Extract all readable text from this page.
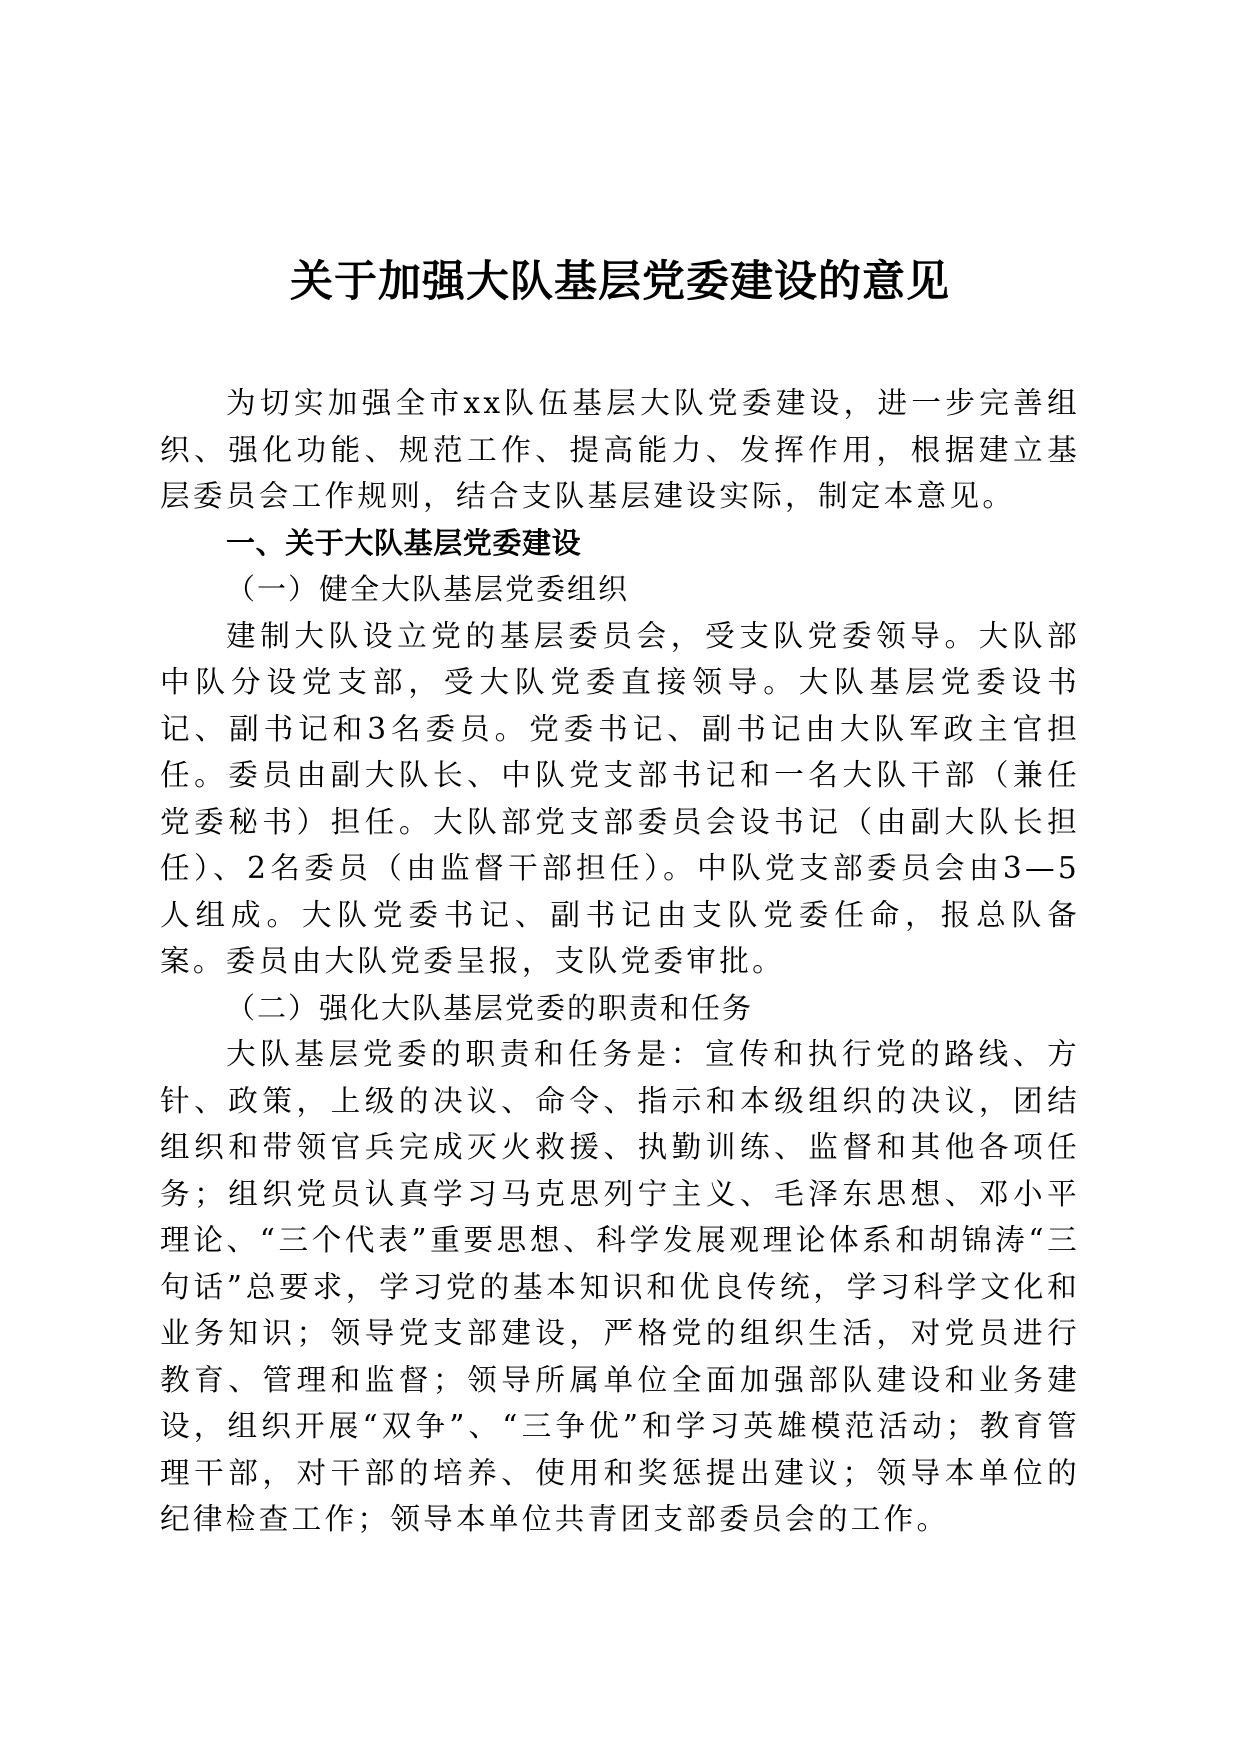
关于加强大队基层党委建设的意见

为切实加强全市xx队伍基层大队党委建设，进一步完善组织、强化功能、规范工作、提高能力、发挥作用，根据建立基层委员会工作规则，结合支队基层建设实际，制定本意见。

一、关于大队基层党委建设

（一）健全大队基层党委组织

建制大队设立党的基层委员会，受支队党委领导。大队部中队分设党支部，受大队党委直接领导。大队基层党委设书记、副书记和3名委员。党委书记、副书记由大队军政主官担任。委员由副大队长、中队党支部书记和一名大队干部（兼任党委秘书）担任。大队部党支部委员会设书记（由副大队长担任）、2名委员（由监督干部担任）。中队党支部委员会由3—5人组成。大队党委书记、副书记由支队党委任命，报总队备案。委员由大队党委呈报，支队党委审批。

（二）强化大队基层党委的职责和任务

大队基层党委的职责和任务是：宣传和执行党的路线、方针、政策，上级的决议、命令、指示和本级组织的决议，团结组织和带领官兵完成灭火救援、执勤训练、监督和其他各项任务；组织党员认真学习马克思列宁主义、毛泽东思想、邓小平理论、“三个代表”重要思想、科学发展观理论体系和胡锦涛“三句话”总要求，学习党的基本知识和优良传统，学习科学文化和业务知识；领导党支部建设，严格党的组织生活，对党员进行教育、管理和监督；领导所属单位全面加强部队建设和业务建设，组织开展“双争”、“三争优”和学习英雄模范活动；教育管理干部，对干部的培养、使用和奖惩提出建议；领导本单位的纪律检查工作；领导本单位共青团支部委员会的工作。
